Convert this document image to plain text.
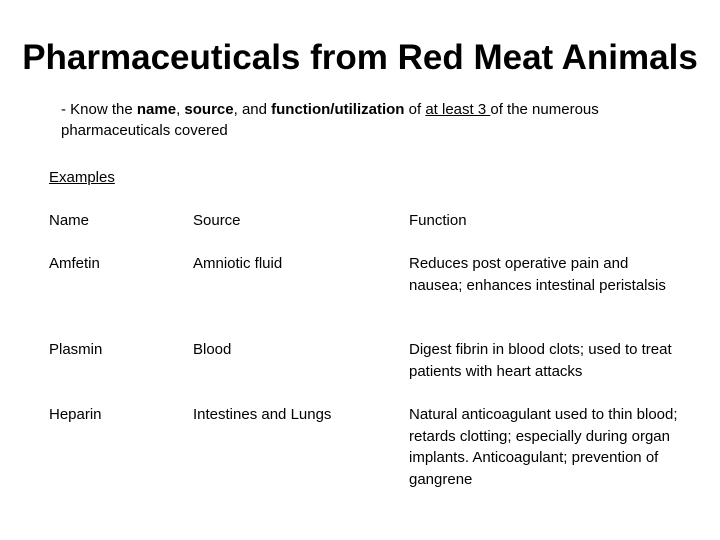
Pharmaceuticals from Red Meat Animals
- Know the name, source, and function/utilization of at least 3 of the numerous pharmaceuticals covered
Examples
Name	Source	Function
Amfetin	Amniotic fluid	Reduces post operative pain and nausea; enhances intestinal peristalsis
Plasmin	Blood	Digest fibrin in blood clots; used to treat patients with heart attacks
Heparin	Intestines and Lungs	Natural anticoagulant used to thin blood; retards clotting; especially during organ implants. Anticoagulant; prevention of gangrene
